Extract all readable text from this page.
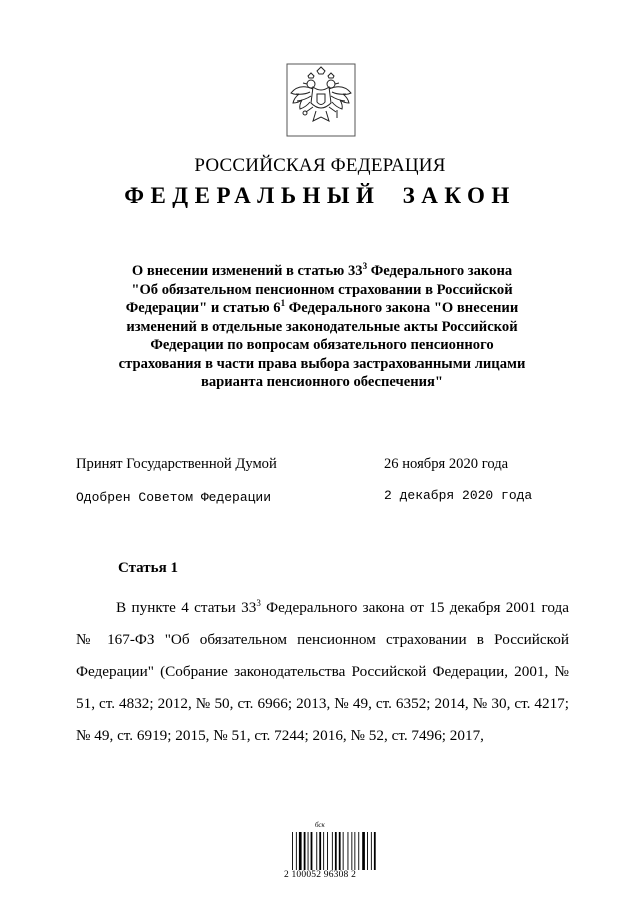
РОССИЙСКАЯ ФЕДЕРАЦИЯ
ФЕДЕРАЛЬНЫЙ ЗАКОН
О внесении изменений в статью $33^3$ Федерального закона
"Об обязательном пенсионном страховании в Российской
Федерации" и статью $6^1$ Федерального закона "О внесении
изменений в отдельные законодательные акты Российской
Федерации по вопросам обязательного пенсионного
страхования в части права выбора застрахованными лицами
варианта пенсионного обеспечения"
Принят Государственной Думой	26 ноября 2020 года
Одобрен Советом Федерации	2 декабря 2020 года
Статья 1

В пункте 4 статьи $33^3$ Федерального закона от 15 декабря 2001 года № 167-ФЗ "Об обязательном пенсионном страховании в Российской Федерации" (Собрание законодательства Российской Федерации, 2001, № 51, ст. 4832; 2012, № 50, ст. 6966; 2013, № 49, ст. 6352; 2014, № 30, ст. 4217; № 49, ст. 6919; 2015, № 51, ст. 7244; 2016, № 52, ст. 7496; 2017,

бск
2 100052 96308 2
